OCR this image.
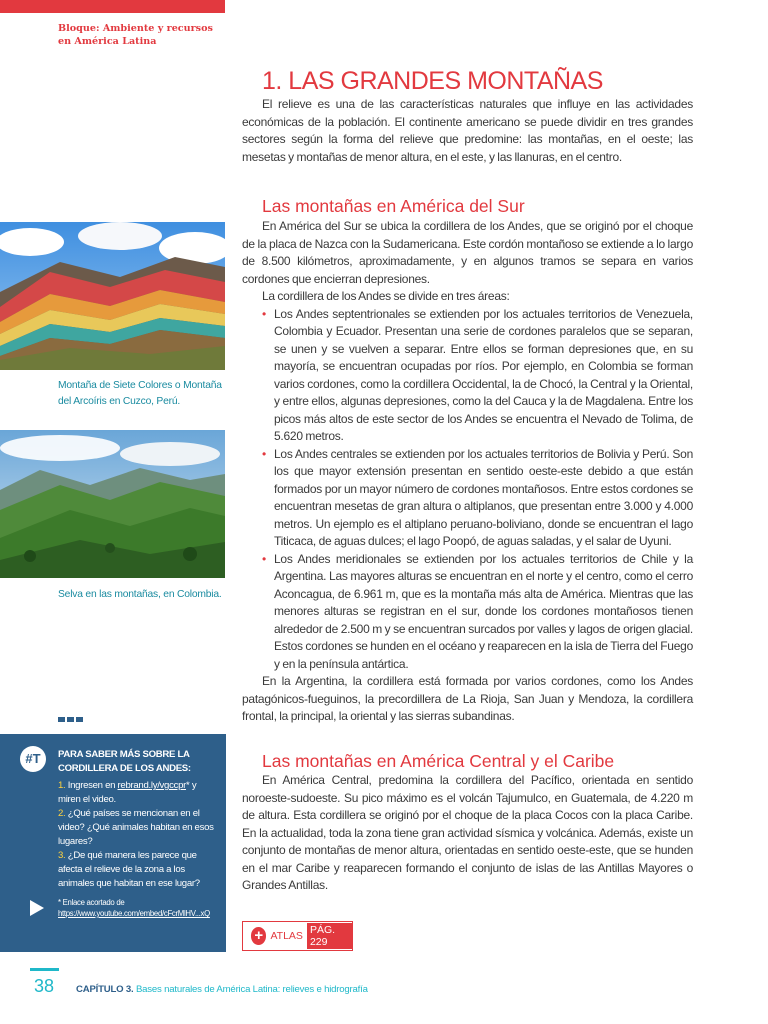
Bloque: Ambiente y recursos
en América Latina
Montaña de Siete Colores o Montaña del Arcoíris en Cuzco, Perú.
Selva en las montañas, en Colombia.
#T	PARA SABER MÁS SOBRE LA CORDILLERA DE LOS ANDES:
1. Ingresen en rebrand.ly/vgccpr* y miren el video.
2. ¿Qué países se mencionan en el video? ¿Qué animales habitan en esos lugares?
3. ¿De qué manera les parece que afecta el relieve de la zona a los animales que habitan en ese lugar?
* Enlace acortado de https://www.youtube.com/embed/cFcrMlHV...xQ
1. LAS GRANDES MONTAÑAS

El relieve es una de las características naturales que influye en las actividades económicas de la población. El continente americano se puede dividir en tres grandes sectores según la forma del relieve que predomine: las montañas, en el oeste; las mesetas y montañas de menor altura, en el este, y las llanuras, en el centro.

Las montañas en América del Sur

En América del Sur se ubica la cordillera de los Andes, que se originó por el choque de la placa de Nazca con la Sudamericana. Este cordón montañoso se extiende a lo largo de 8.500 kilómetros, aproximadamente, y en algunos tramos se separa en varios cordones que encierran depresiones.

La cordillera de los Andes se divide en tres áreas:

• Los Andes septentrionales se extienden por los actuales territorios de Venezuela, Colombia y Ecuador. Presentan una serie de cordones paralelos que se separan, se unen y se vuelven a separar. Entre ellos se forman depresiones que, en su mayoría, se encuentran ocupadas por ríos. Por ejemplo, en Colombia se forman varios cordones, como la cordillera Occidental, la de Chocó, la Central y la Oriental, y entre ellos, algunas depresiones, como la del Cauca y la de Magdalena. Entre los picos más altos de este sector de los Andes se encuentra el Nevado de Tolima, de 5.620 metros.
• Los Andes centrales se extienden por los actuales territorios de Bolivia y Perú. Son los que mayor extensión presentan en sentido oeste-este debido a que están formados por un mayor número de cordones montañosos. Entre estos cordones se encuentran mesetas de gran altura o altiplanos, que presentan entre 3.000 y 4.000 metros. Un ejemplo es el altiplano peruano-boliviano, donde se encuentran el lago Titicaca, de aguas dulces; el lago Poopó, de aguas saladas, y el salar de Uyuni.
• Los Andes meridionales se extienden por los actuales territorios de Chile y la Argentina. Las mayores alturas se encuentran en el norte y el centro, como el cerro Aconcagua, de 6.961 m, que es la montaña más alta de América. Mientras que las menores alturas se registran en el sur, donde los cordones montañosos tienen alrededor de 2.500 m y se encuentran surcados por valles y lagos de origen glacial. Estos cordones se hunden en el océano y reaparecen en la isla de Tierra del Fuego y en la península antártica.

En la Argentina, la cordillera está formada por varios cordones, como los Andes patagónicos-fueguinos, la precordillera de La Rioja, San Juan y Mendoza, la cordillera frontal, la principal, la oriental y las sierras subandinas.

Las montañas en América Central y el Caribe

En América Central, predomina la cordillera del Pacífico, orientada en sentido noroeste-sudoeste. Su pico máximo es el volcán Tajumulco, en Guatemala, de 4.220 m de altura. Esta cordillera se originó por el choque de la placa Cocos con la placa Caribe. En la actualidad, toda la zona tiene gran actividad sísmica y volcánica. Además, existe un conjunto de montañas de menor altura, orientadas en sentido oeste-este, que se hunden en el mar Caribe y reaparecen formando el conjunto de islas de las Antillas Mayores o Grandes Antillas.

+ ATLAS PÁG. 229
38 CAPÍTULO 3. Bases naturales de América Latina: relieves e hidrografía
